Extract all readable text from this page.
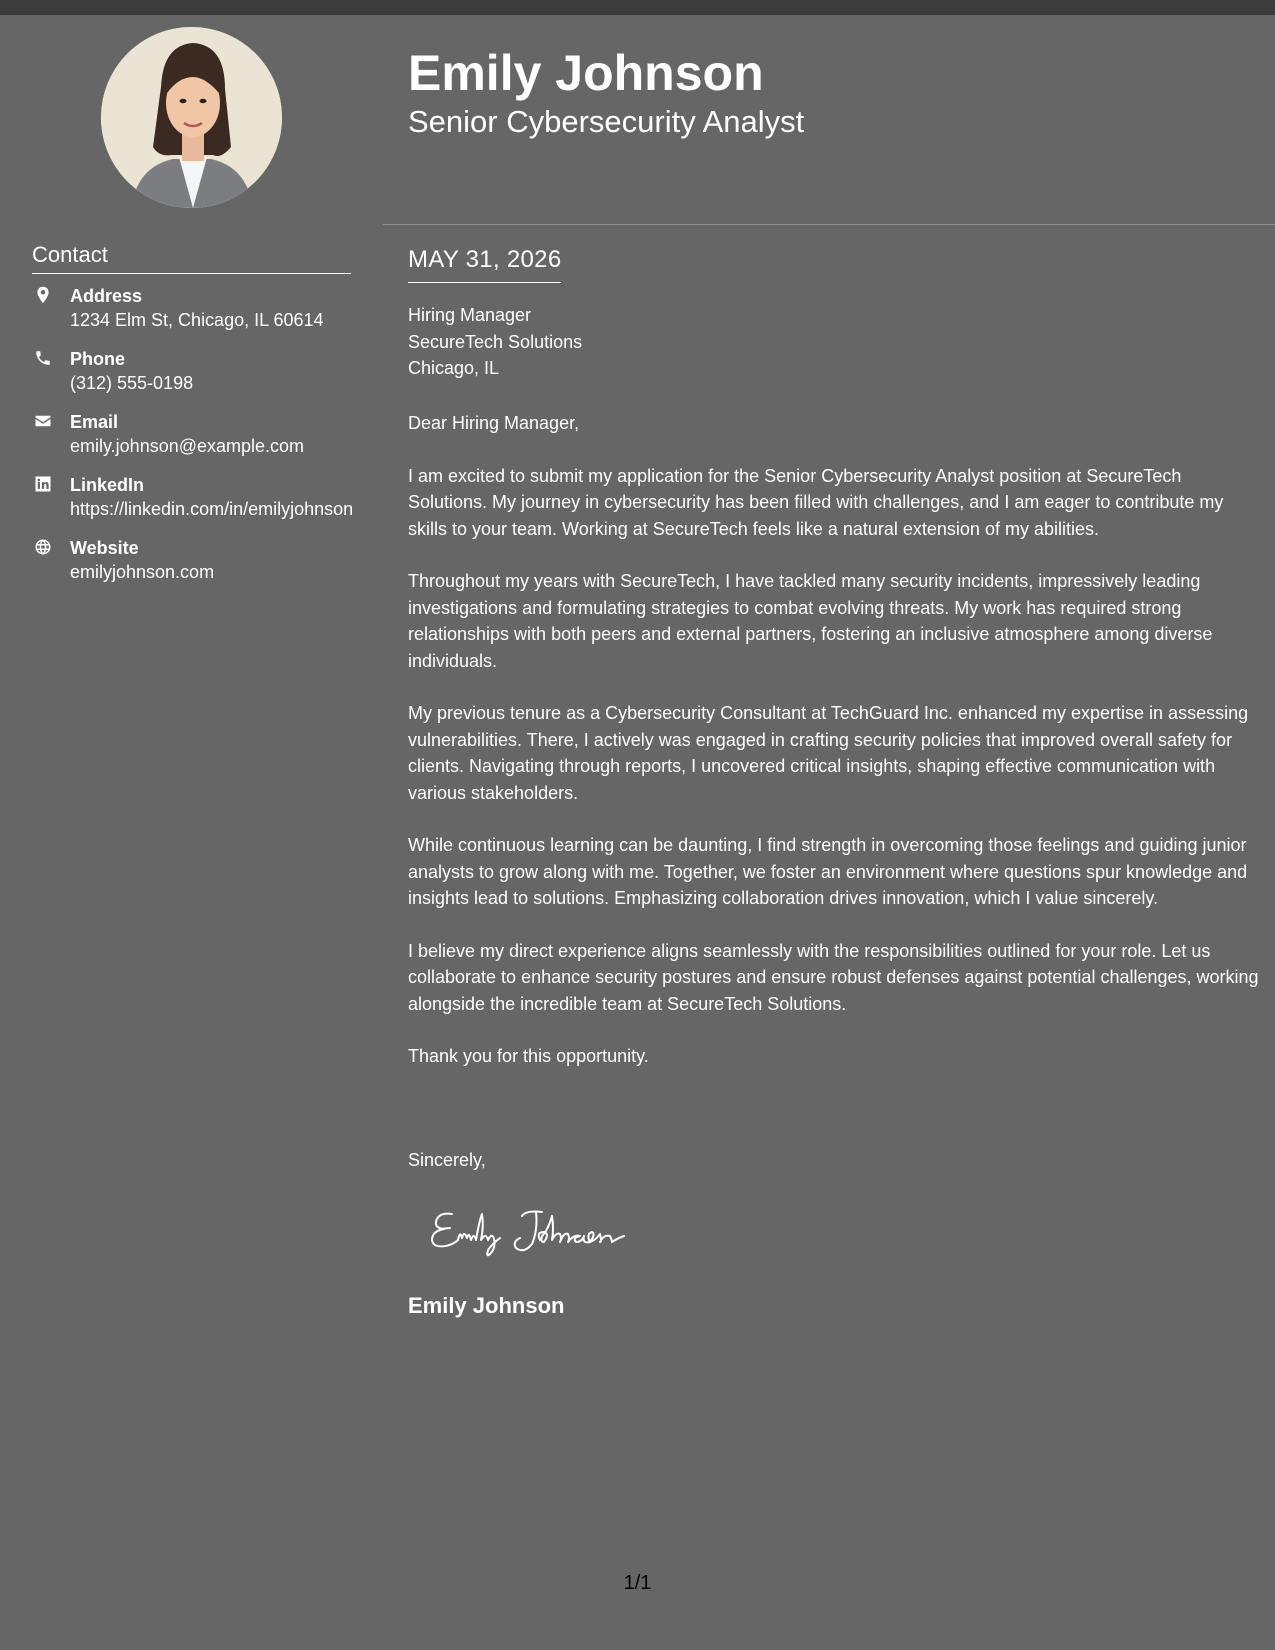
Contact
Address
1234 Elm St, Chicago, IL 60614
Phone
(312) 555-0198
Email
emily.johnson@example.com
LinkedIn
https://linkedin.com/in/emilyjohnson
Website
emilyjohnson.com
Emily Johnson
Senior Cybersecurity Analyst
MAY 31, 2026
Hiring Manager
SecureTech Solutions
Chicago, IL

Dear Hiring Manager,

I am excited to submit my application for the Senior Cybersecurity Analyst position at SecureTech Solutions. My journey in cybersecurity has been filled with challenges, and I am eager to contribute my skills to your team. Working at SecureTech feels like a natural extension of my abilities.

Throughout my years with SecureTech, I have tackled many security incidents, impressively leading investigations and formulating strategies to combat evolving threats. My work has required strong relationships with both peers and external partners, fostering an inclusive atmosphere among diverse individuals.

My previous tenure as a Cybersecurity Consultant at TechGuard Inc. enhanced my expertise in assessing vulnerabilities. There, I actively was engaged in crafting security policies that improved overall safety for clients. Navigating through reports, I uncovered critical insights, shaping effective communication with various stakeholders.

While continuous learning can be daunting, I find strength in overcoming those feelings and guiding junior analysts to grow along with me. Together, we foster an environment where questions spur knowledge and insights lead to solutions. Emphasizing collaboration drives innovation, which I value sincerely.

I believe my direct experience aligns seamlessly with the responsibilities outlined for your role. Let us collaborate to enhance security postures and ensure robust defenses against potential challenges, working alongside the incredible team at SecureTech Solutions.

Thank you for this opportunity.

Sincerely,
Emily Johnson
1/1
